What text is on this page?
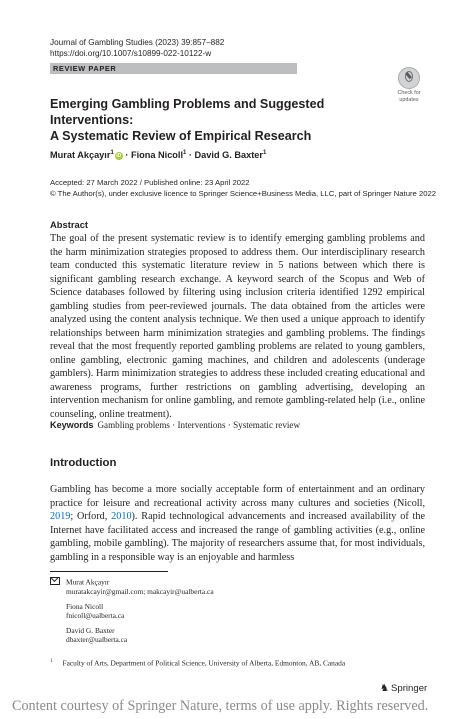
Journal of Gambling Studies (2023) 39:857–882
https://doi.org/10.1007/s10899-022-10122-w
REVIEW PAPER
Check for
updates
Emerging Gambling Problems and Suggested Interventions:
A Systematic Review of Empirical Research
Murat Akçayır$^1$iD · Fiona Nicoll$^1$ · David G. Baxter$^1$
Accepted: 27 March 2022 / Published online: 23 April 2022
© The Author(s), under exclusive licence to Springer Science+Business Media, LLC, part of Springer Nature 2022
Abstract
The goal of the present systematic review is to identify emerging gambling problems and the harm minimization strategies proposed to address them. Our interdisciplinary research team conducted this systematic literature review in 5 nations between which there is significant gambling research exchange. A keyword search of the Scopus and Web of Science databases followed by filtering using inclusion criteria identified 1292 empirical gambling studies from peer-reviewed journals. The data obtained from the articles were analyzed using the content analysis technique. We then used a unique approach to identify relationships between harm minimization strategies and gambling problems. The findings reveal that the most frequently reported gambling problems are related to young gamblers, online gambling, electronic gaming machines, and children and adolescents (underage gamblers). Harm minimization strategies to address these included creating educational and awareness programs, further restrictions on gambling advertising, developing an intervention mechanism for online gambling, and remote gambling-related help (i.e., online counseling, online treatment).
Keywords Gambling problems · Interventions · Systematic review
Introduction
Gambling has become a more socially acceptable form of entertainment and an ordinary practice for leisure and recreational activity across many cultures and societies (Nicoll, 2019; Orford, 2010). Rapid technological advancements and increased availability of the Internet have facilitated access and increased the range of gambling activities (e.g., online gambling, mobile gambling). The majority of researchers assume that, for most individuals, gambling in a responsible way is an enjoyable and harmless
Murat Akçayır
muratakcayir@gmail.com; makcayir@ualberta.ca
Fiona Nicoll
fnicoll@ualberta.ca
David G. Baxter
dbaxter@ualberta.ca
$^1$ Faculty of Arts, Department of Political Science, University of Alberta, Edmonton, AB, Canada
♞ Springer
Content courtesy of Springer Nature, terms of use apply. Rights reserved.
